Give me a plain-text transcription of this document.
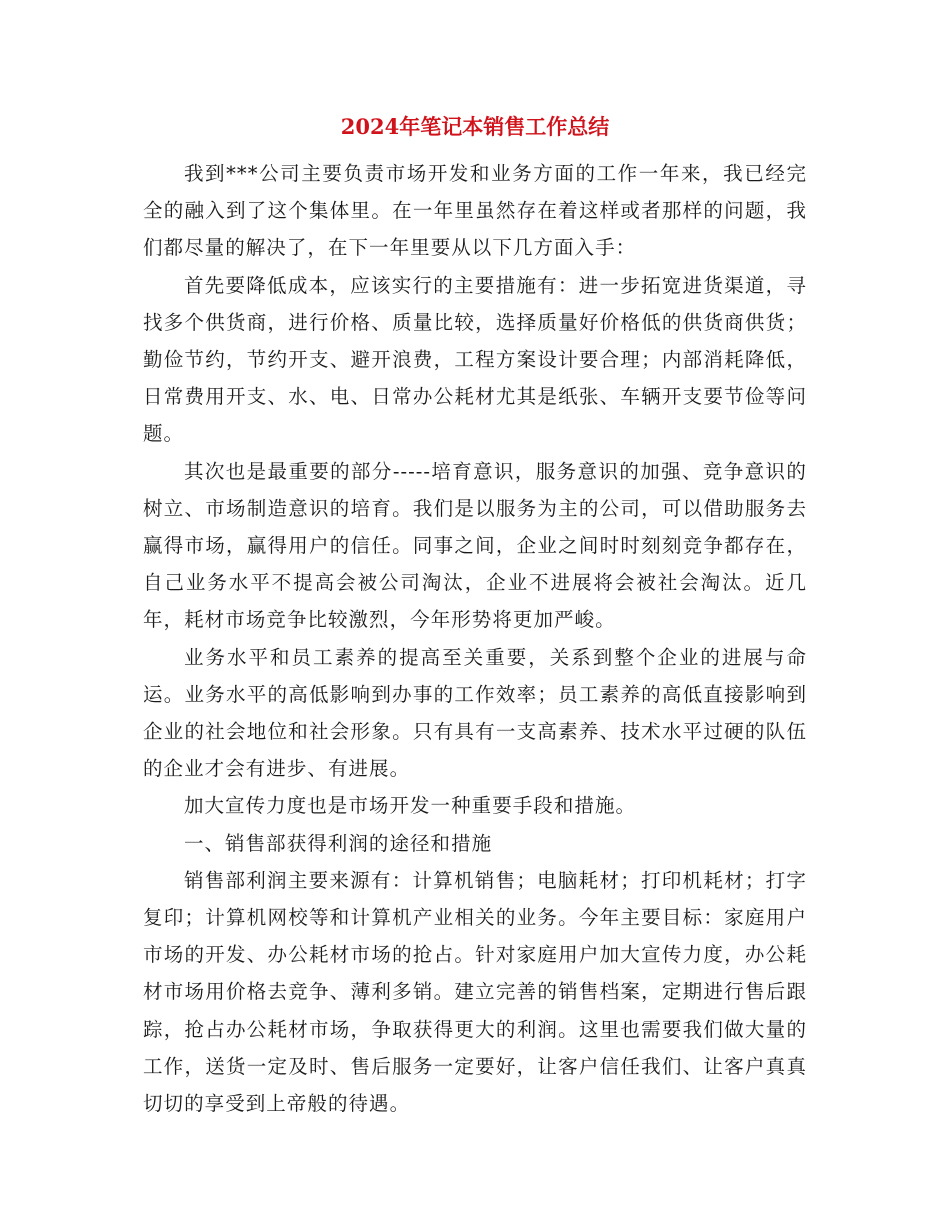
2024年笔记本销售工作总结

我到***公司主要负责市场开发和业务方面的工作一年来，我已经完全的融入到了这个集体里。在一年里虽然存在着这样或者那样的问题，我们都尽量的解决了，在下一年里要从以下几方面入手：

首先要降低成本，应该实行的主要措施有：进一步拓宽进货渠道，寻找多个供货商，进行价格、质量比较，选择质量好价格低的供货商供货；勤俭节约，节约开支、避开浪费，工程方案设计要合理；内部消耗降低，日常费用开支、水、电、日常办公耗材尤其是纸张、车辆开支要节俭等问题。

其次也是最重要的部分-----培育意识，服务意识的加强、竞争意识的树立、市场制造意识的培育。我们是以服务为主的公司，可以借助服务去赢得市场，赢得用户的信任。同事之间，企业之间时时刻刻竞争都存在，自己业务水平不提高会被公司淘汰，企业不进展将会被社会淘汰。近几年，耗材市场竞争比较激烈，今年形势将更加严峻。

业务水平和员工素养的提高至关重要，关系到整个企业的进展与命运。业务水平的高低影响到办事的工作效率；员工素养的高低直接影响到企业的社会地位和社会形象。只有具有一支高素养、技术水平过硬的队伍的企业才会有进步、有进展。

加大宣传力度也是市场开发一种重要手段和措施。

一、销售部获得利润的途径和措施

销售部利润主要来源有：计算机销售；电脑耗材；打印机耗材；打字复印；计算机网校等和计算机产业相关的业务。今年主要目标：家庭用户市场的开发、办公耗材市场的抢占。针对家庭用户加大宣传力度，办公耗材市场用价格去竞争、薄利多销。建立完善的销售档案，定期进行售后跟踪，抢占办公耗材市场，争取获得更大的利润。这里也需要我们做大量的工作，送货一定及时、售后服务一定要好，让客户信任我们、让客户真真切切的享受到上帝般的待遇。
